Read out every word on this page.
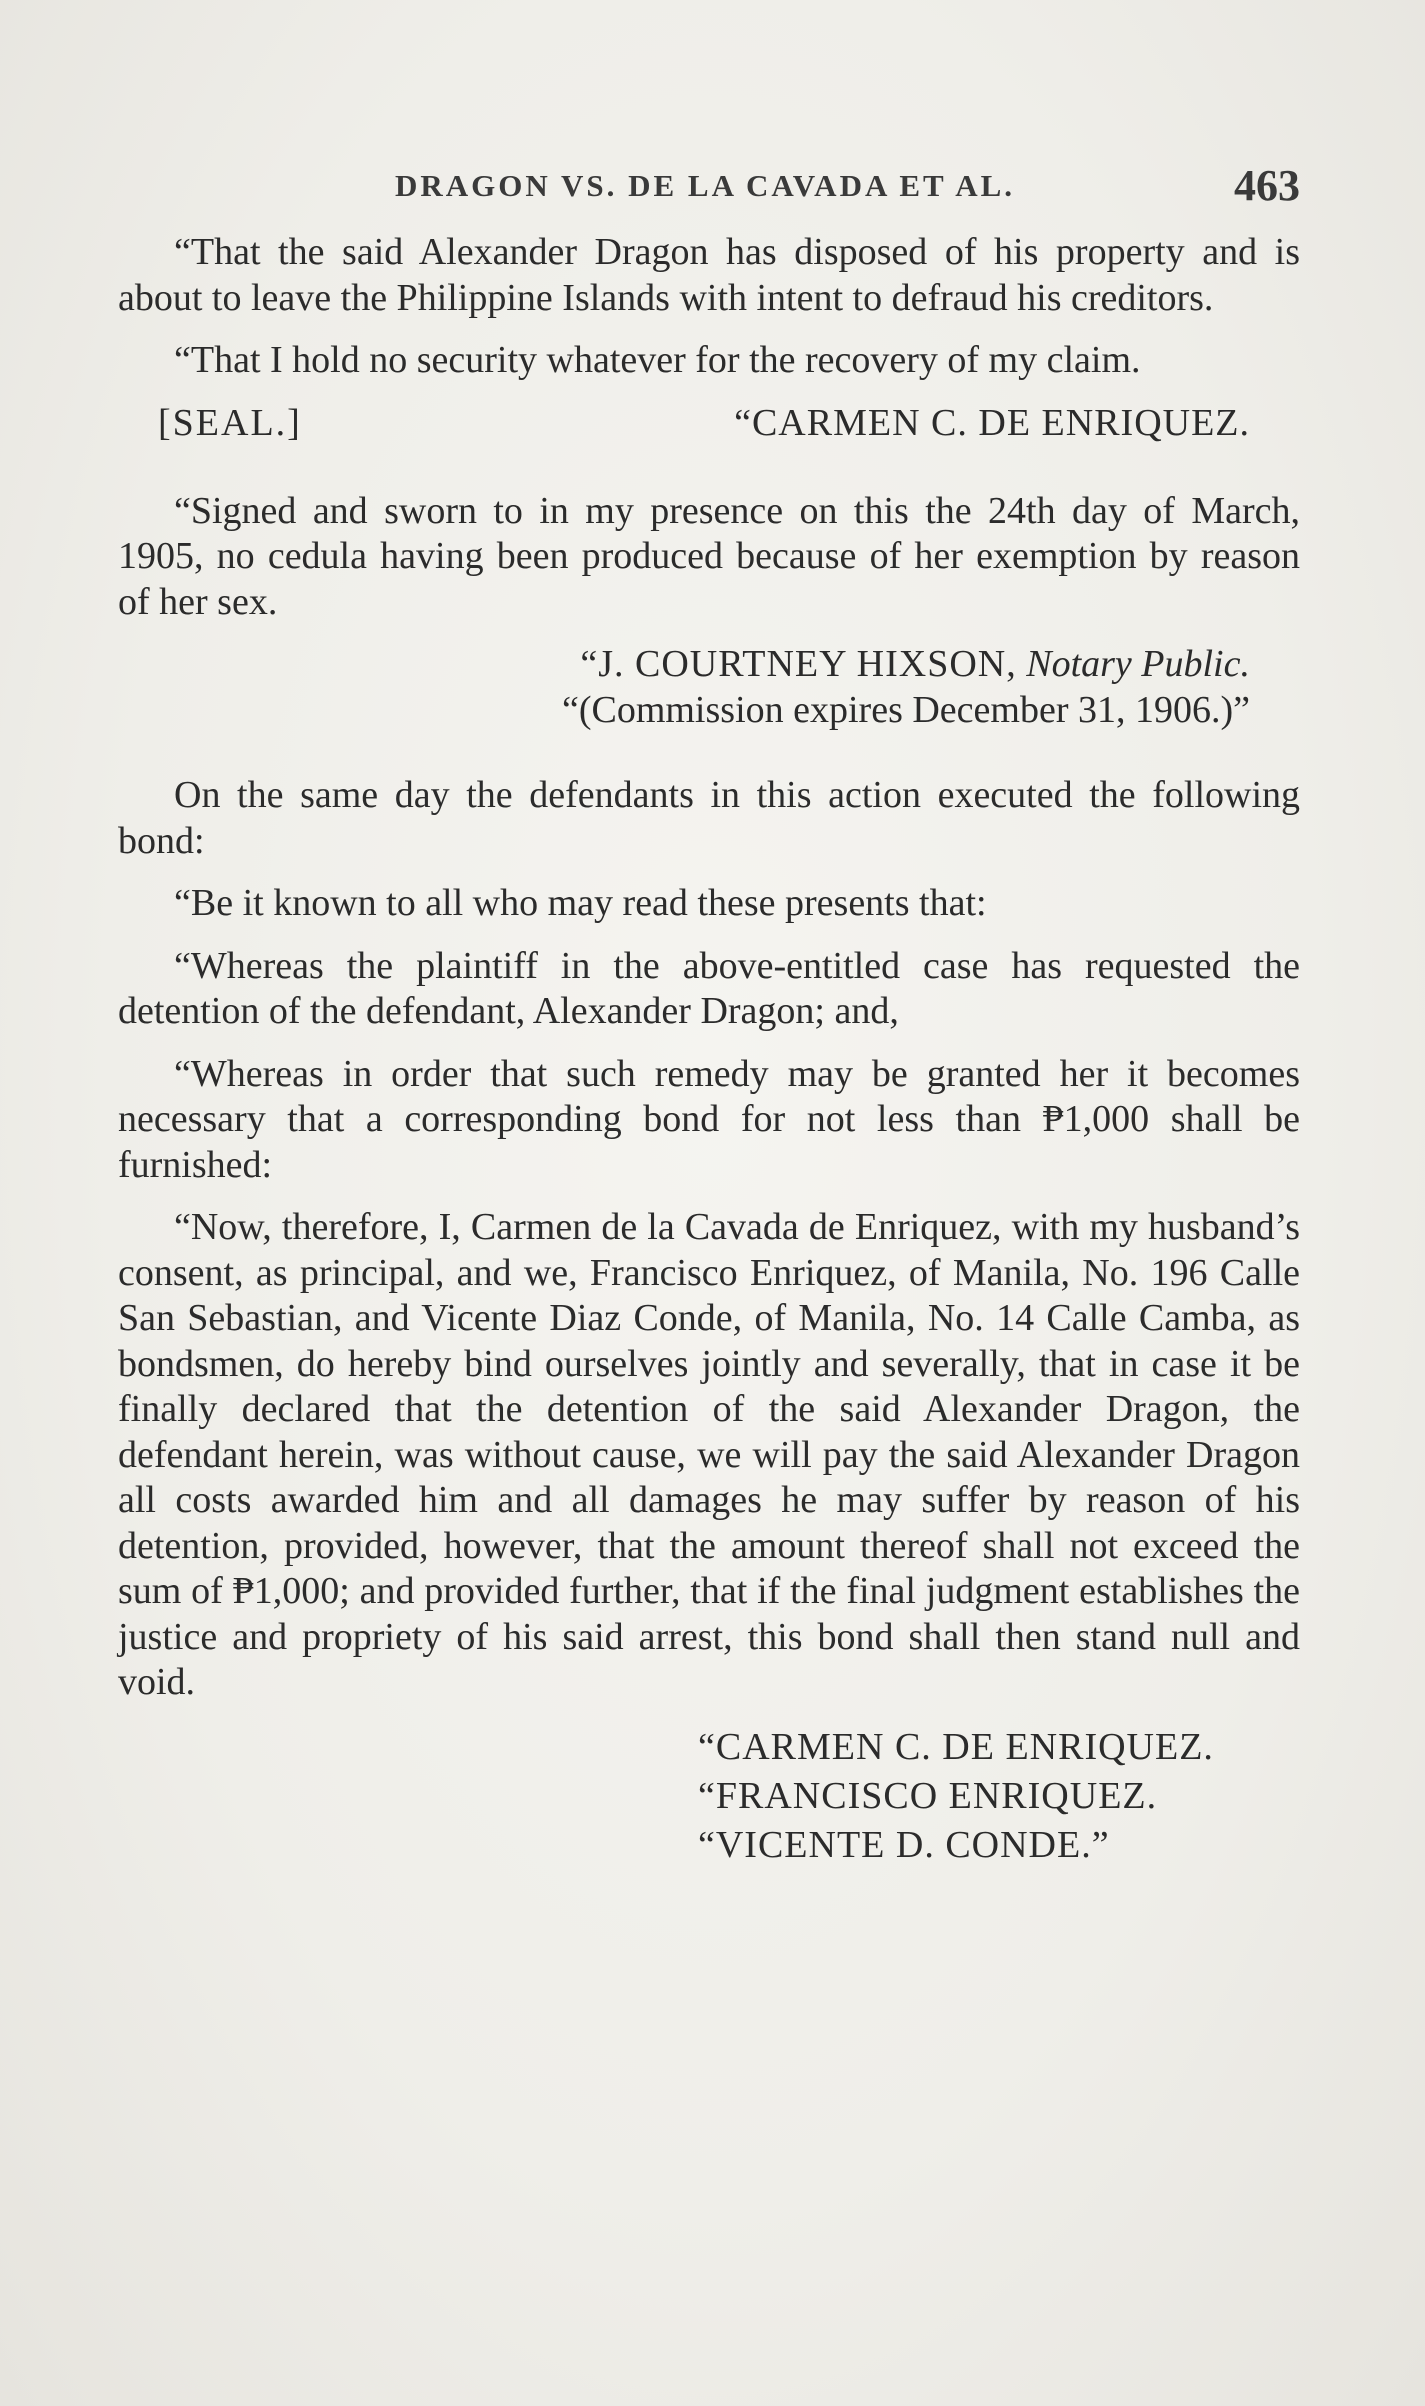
DRAGON VS. DE LA CAVADA ET AL.	463

“That the said Alexander Dragon has disposed of his property and is about to leave the Philippine Islands with intent to defraud his creditors.

“That I hold no security whatever for the recovery of my claim.

[SEAL.]	“CARMEN C. DE ENRIQUEZ.

“Signed and sworn to in my presence on this the 24th day of March, 1905, no cedula having been produced because of her exemption by reason of her sex.

“J. COURTNEY HIXSON, Notary Public.
“(Commission expires December 31, 1906.)”

On the same day the defendants in this action executed the following bond:

“Be it known to all who may read these presents that:

“Whereas the plaintiff in the above-entitled case has requested the detention of the defendant, Alexander Dragon; and,

“Whereas in order that such remedy may be granted her it becomes necessary that a corresponding bond for not less than ₱1,000 shall be furnished:

“Now, therefore, I, Carmen de la Cavada de Enriquez, with my husband’s consent, as principal, and we, Francisco Enriquez, of Manila, No. 196 Calle San Sebastian, and Vicente Diaz Conde, of Manila, No. 14 Calle Camba, as bondsmen, do hereby bind ourselves jointly and severally, that in case it be finally declared that the detention of the said Alexander Dragon, the defendant herein, was without cause, we will pay the said Alexander Dragon all costs awarded him and all damages he may suffer by reason of his detention, provided, however, that the amount thereof shall not exceed the sum of ₱1,000; and provided further, that if the final judgment establishes the justice and propriety of his said arrest, this bond shall then stand null and void.

“CARMEN C. DE ENRIQUEZ.
“FRANCISCO ENRIQUEZ.
“VICENTE D. CONDE.”
